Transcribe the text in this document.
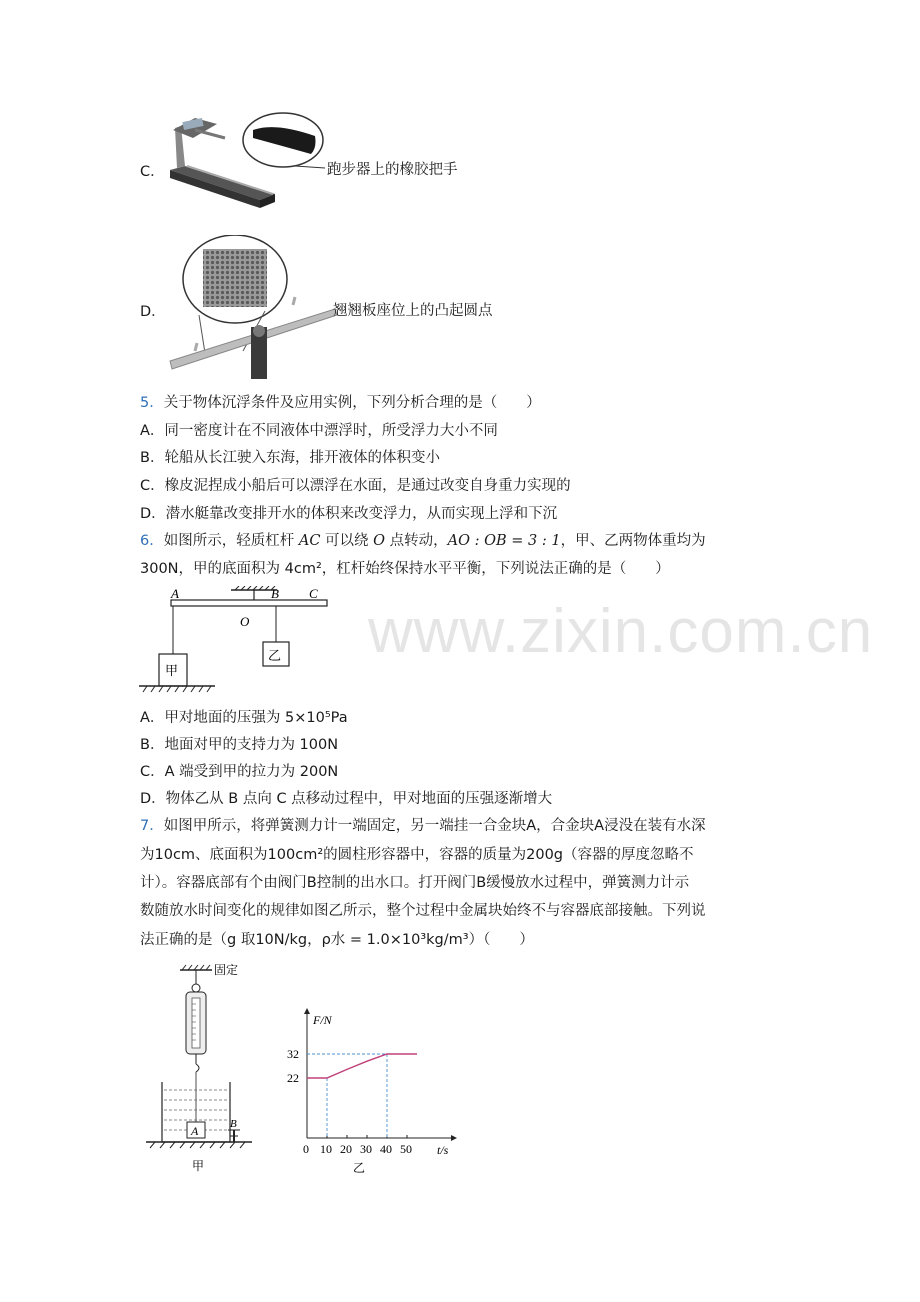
www.zixin.com.cn
C．	跑步器上的橡胶把手
D．	翘翘板座位上的凸起圆点
5．关于物体沉浮条件及应用实例，下列分析合理的是（　　）
A．同一密度计在不同液体中漂浮时，所受浮力大小不同
B．轮船从长江驶入东海，排开液体的体积变小
C．橡皮泥捏成小船后可以漂浮在水面，是通过改变自身重力实现的
D．潜水艇靠改变排开水的体积来改变浮力，从而实现上浮和下沉
6．如图所示，轻质杠杆 AC 可以绕 O 点转动，AO : OB = 3 : 1，甲、乙两物体重均为
300N，甲的底面积为 4cm²，杠杆始终保持水平平衡，下列说法正确的是（　　）
A
O
B C
甲
乙
A．甲对地面的压强为 5×10⁵Pa
B．地面对甲的支持力为 100N
C．A 端受到甲的拉力为 200N
D．物体乙从 B 点向 C 点移动过程中，甲对地面的压强逐渐增大
7．如图甲所示，将弹簧测力计一端固定，另一端挂一合金块A，合金块A浸没在装有水深
为10cm、底面积为100cm²的圆柱形容器中，容器的质量为200g（容器的厚度忽略不
计）。容器底部有个由阀门B控制的出水口。打开阀门B缓慢放水过程中，弹簧测力计示
数随放水时间变化的规律如图乙所示，整个过程中金属块始终不与容器底部接触。下列说
法正确的是（g 取10N/kg，ρ水 = 1.0×10³kg/m³）（　　）
固定
A	B
甲
F/N
t/s
0 10 20 30 40 50
22
32
乙
